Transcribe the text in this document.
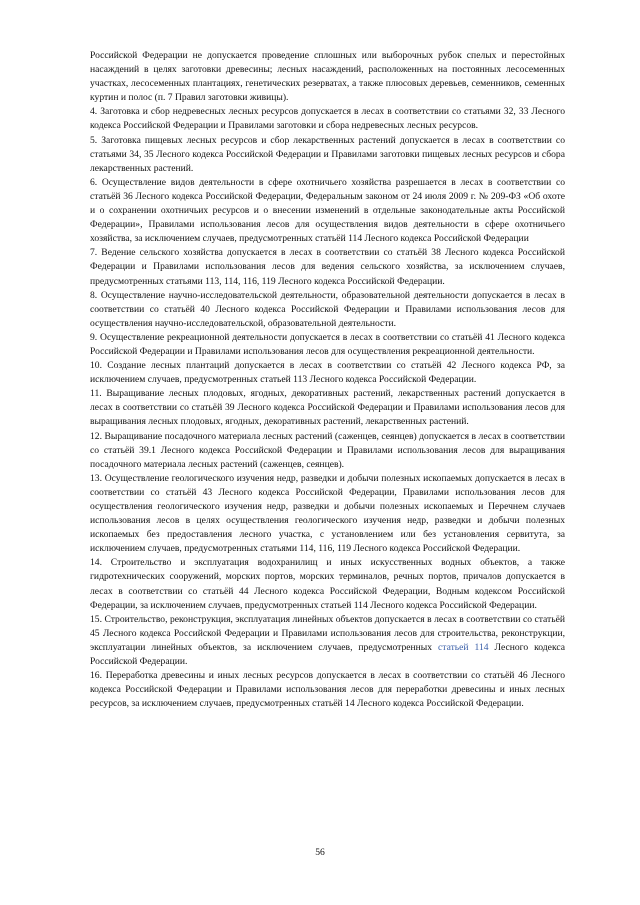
Российской Федерации не допускается проведение сплошных или выборочных рубок спелых и перестойных насаждений в целях заготовки древесины; лесных насаждений, расположенных на постоянных лесосеменных участках, лесосеменных плантациях, генетических резерватах, а также плюсовых деревьев, семенников, семенных куртин и полос (п. 7 Правил заготовки живицы).

4. Заготовка и сбор недревесных лесных ресурсов допускается в лесах в соответствии со статьями 32, 33 Лесного кодекса Российской Федерации и Правилами заготовки и сбора недревесных лесных ресурсов.

5. Заготовка пищевых лесных ресурсов и сбор лекарственных растений допускается в лесах в соответствии со статьями 34, 35 Лесного кодекса Российской Федерации и Правилами заготовки пищевых лесных ресурсов и сбора лекарственных растений.

6. Осуществление видов деятельности в сфере охотничьего хозяйства разрешается в лесах в соответствии со статьёй 36 Лесного кодекса Российской Федерации, Федеральным законом от 24 июля 2009 г. № 209-ФЗ «Об охоте и о сохранении охотничьих ресурсов и о внесении изменений в отдельные законодательные акты Российской Федерации», Правилами использования лесов для осуществления видов деятельности в сфере охотничьего хозяйства, за исключением случаев, предусмотренных статьёй 114 Лесного кодекса Российской Федерации

7. Ведение сельского хозяйства допускается в лесах в соответствии со статьёй 38 Лесного кодекса Российской Федерации и Правилами использования лесов для ведения сельского хозяйства, за исключением случаев, предусмотренных статьями 113, 114, 116, 119 Лесного кодекса Российской Федерации.

8. Осуществление научно-исследовательской деятельности, образовательной деятельности допускается в лесах в соответствии со статьёй 40 Лесного кодекса Российской Федерации и Правилами использования лесов для осуществления научно-исследовательской, образовательной деятельности.

9. Осуществление рекреационной деятельности допускается в лесах в соответствии со статьёй 41 Лесного кодекса Российской Федерации и Правилами использования лесов для осуществления рекреационной деятельности.

10. Создание лесных плантаций допускается в лесах в соответствии со статьёй 42 Лесного кодекса РФ, за исключением случаев, предусмотренных статьей 113 Лесного кодекса Российской Федерации.

11. Выращивание лесных плодовых, ягодных, декоративных растений, лекарственных растений допускается в лесах в соответствии со статьёй 39 Лесного кодекса Российской Федерации и Правилами использования лесов для выращивания лесных плодовых, ягодных, декоративных растений, лекарственных растений.

12. Выращивание посадочного материала лесных растений (саженцев, сеянцев) допускается в лесах в соответствии со статьёй 39.1 Лесного кодекса Российской Федерации и Правилами использования лесов для выращивания посадочного материала лесных растений (саженцев, сеянцев).

13. Осуществление геологического изучения недр, разведки и добычи полезных ископаемых допускается в лесах в соответствии со статьёй 43 Лесного кодекса Российской Федерации, Правилами использования лесов для осуществления геологического изучения недр, разведки и добычи полезных ископаемых и Перечнем случаев использования лесов в целях осуществления геологического изучения недр, разведки и добычи полезных ископаемых без предоставления лесного участка, с установлением или без установления сервитута, за исключением случаев, предусмотренных статьями 114, 116, 119 Лесного кодекса Российской Федерации.

14. Строительство и эксплуатация водохранилищ и иных искусственных водных объектов, а также гидротехнических сооружений, морских портов, морских терминалов, речных портов, причалов допускается в лесах в соответствии со статьёй 44 Лесного кодекса Российской Федерации, Водным кодексом Российской Федерации, за исключением случаев, предусмотренных статьей 114 Лесного кодекса Российской Федерации.

15. Строительство, реконструкция, эксплуатация линейных объектов допускается в лесах в соответствии со статьёй 45 Лесного кодекса Российской Федерации и Правилами использования лесов для строительства, реконструкции, эксплуатации линейных объектов, за исключением случаев, предусмотренных статьей 114 Лесного кодекса Российской Федерации.

16. Переработка древесины и иных лесных ресурсов допускается в лесах в соответствии со статьёй 46 Лесного кодекса Российской Федерации и Правилами использования лесов для переработки древесины и иных лесных ресурсов, за исключением случаев, предусмотренных статьёй 14 Лесного кодекса Российской Федерации.

56
